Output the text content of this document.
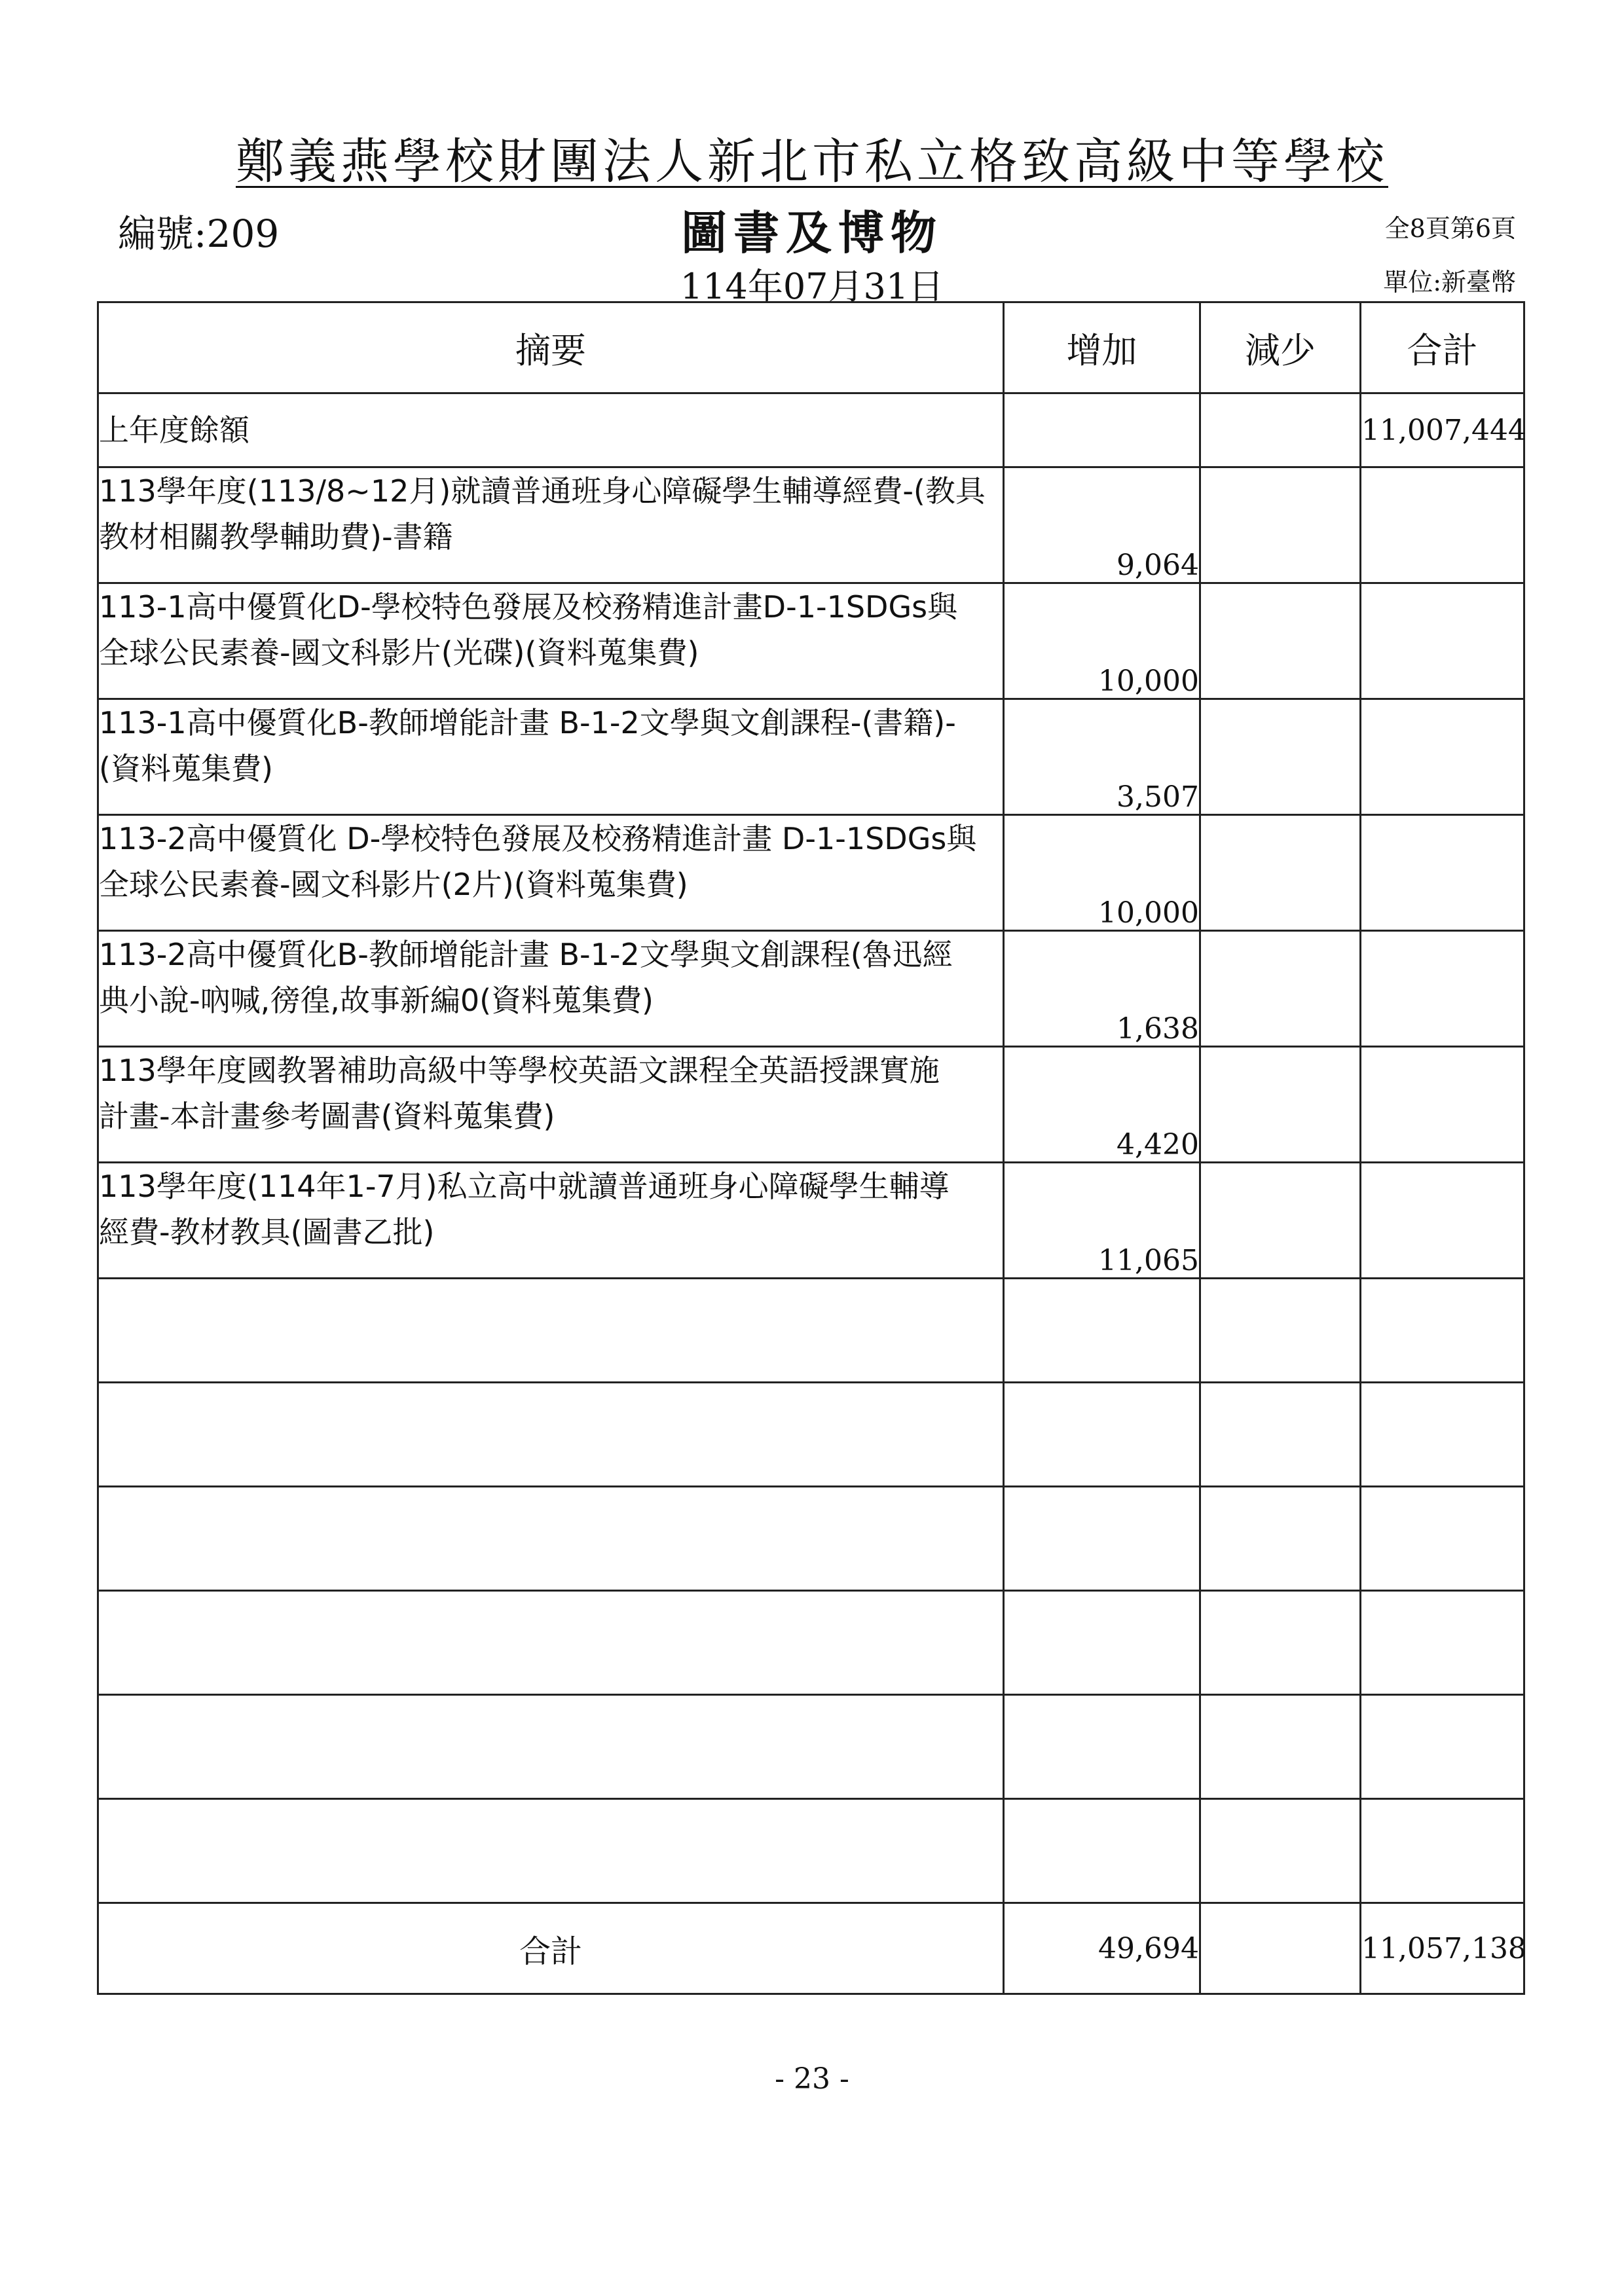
鄭義燕學校財團法人新北市私立格致高級中等學校
編號:209	圖書及博物	全8頁第6頁
114年07月31日	單位:新臺幣
摘要	增加	減少	合計
上年度餘額			11,007,444

113學年度(113/8~12月)就讀普通班身心障礙學生輔導經費-(教具
教材相關教學輔助費)-書籍	9,064		

113-1高中優質化D-學校特色發展及校務精進計畫D-1-1SDGs與
全球公民素養-國文科影片(光碟)(資料蒐集費)	10,000		

113-1高中優質化B-教師增能計畫 B-1-2文學與文創課程-(書籍)-
(資料蒐集費)	3,507		

113-2高中優質化 D-學校特色發展及校務精進計畫 D-1-1SDGs與
全球公民素養-國文科影片(2片)(資料蒐集費)	10,000		

113-2高中優質化B-教師增能計畫 B-1-2文學與文創課程(魯迅經
典小說-吶喊,徬徨,故事新編0(資料蒐集費)	1,638		

113學年度國教署補助高級中等學校英語文課程全英語授課實施
計畫-本計畫參考圖書(資料蒐集費)	4,420		

113學年度(114年1-7月)私立高中就讀普通班身心障礙學生輔導
經費-教材教具(圖書乙批)	11,065		

合計	49,694		11,057,138
- 23 -
